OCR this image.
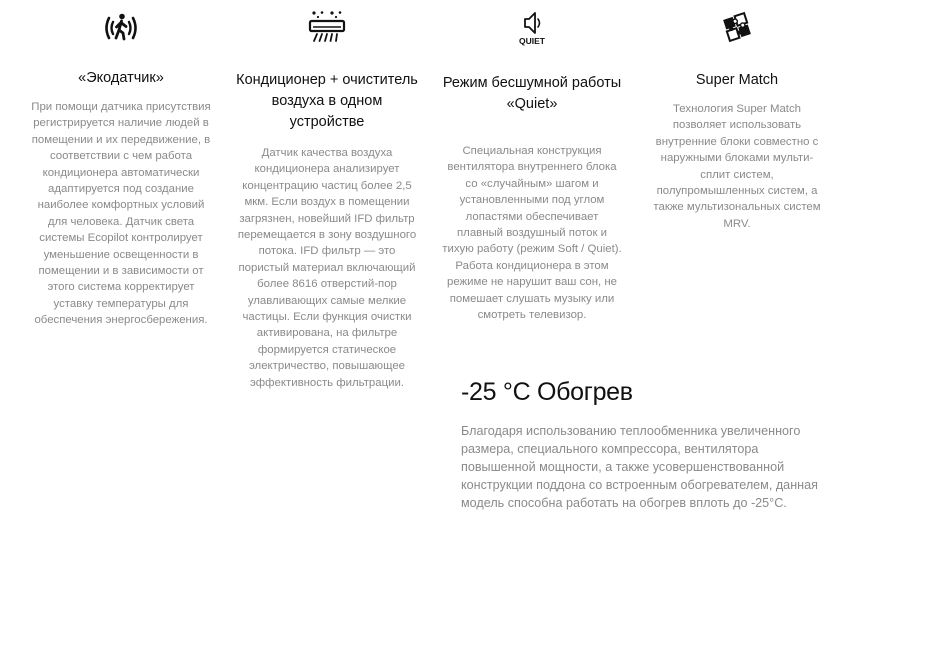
«Экодатчик»

При помощи датчика присутствия регистрируется наличие людей в помещении и их передвижение, в соответствии с чем работа кондиционера автоматически адаптируется под создание наиболее комфортных условий для человека. Датчик света системы Ecopilot контролирует уменьшение освещенности в помещении и в зависимости от этого система корректирует уставку температуры для обеспечения энергосбережения.

Кондиционер + очиститель воздуха в одном устройстве

Датчик качества воздуха кондиционера анализирует концентрацию частиц более 2,5 мкм. Если воздух в помещении загрязнен, новейший IFD фильтр перемещается в зону воздушного потока. IFD фильтр — это пористый материал включающий более 8616 отверстий-пор улавливающих самые мелкие частицы. Если функция очистки активирована, на фильтре формируется статическое электричество, повышающее эффективность фильтрации.

QUIET
Режим бесшумной работы «Quiet»

Специальная конструкция вентилятора внутреннего блока со «случайным» шагом и установленными под углом лопастями обеспечивает плавный воздушный поток и тихую работу (режим Soft / Quiet). Работа кондиционера в этом режиме не нарушит ваш сон, не помешает слушать музыку или смотреть телевизор.

Super Match

Технология Super Match позволяет использовать внутренние блоки совместно с наружными блоками мульти-сплит систем, полупромышленных систем, а также мультизональных систем MRV.

-25 °C Обогрев

Благодаря использованию теплообменника увеличенного размера, специального компрессора, вентилятора повышенной мощности, а также усовершенствованной конструкции поддона со встроенным обогревателем, данная модель способна работать на обогрев вплоть до -25°C.
